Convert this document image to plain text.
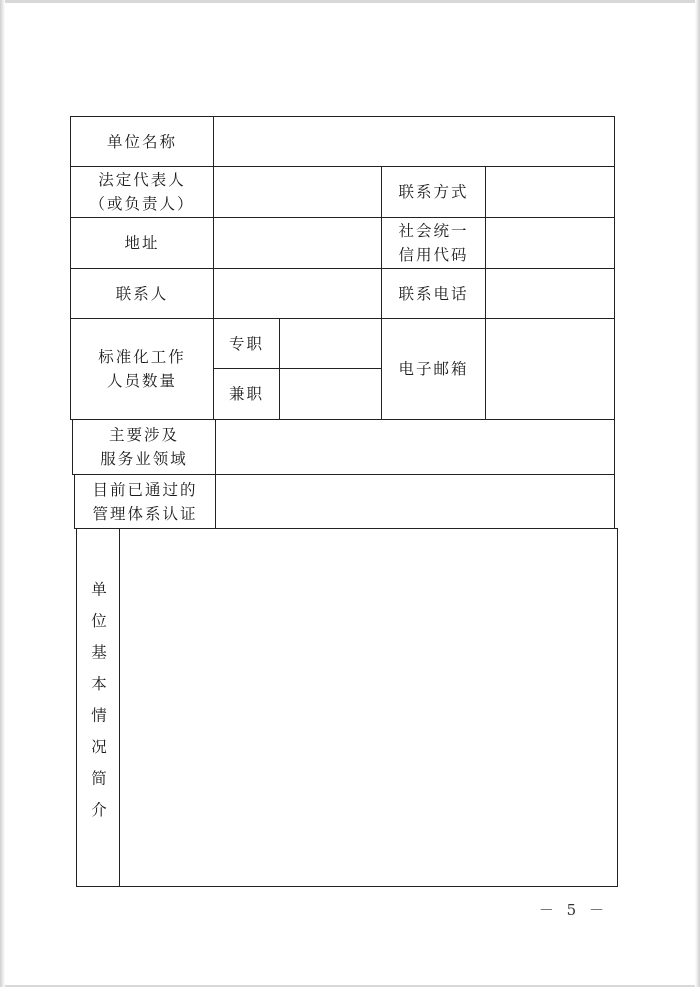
单位名称
法定代表人
（或负责人）
联系方式
地址
社会统一
信用代码
联系人	联系电话
标准化工作
人员数量
专职
兼职
电子邮箱
主要涉及
服务业领域
目前已通过的
管理体系认证
单位基本情况简介
－ 5 －
